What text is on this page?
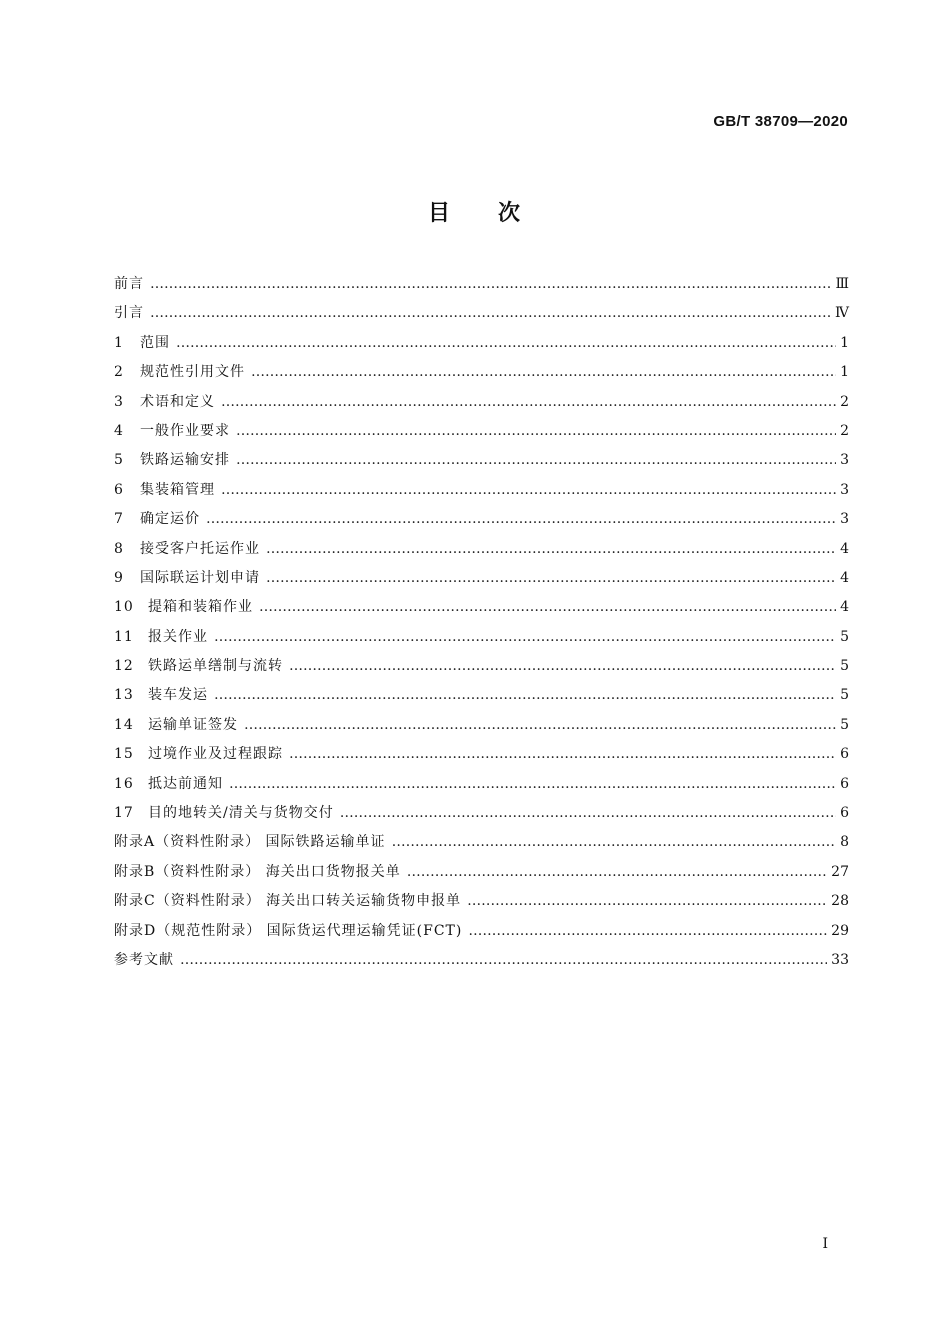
GB/T 38709—2020
目 次
前言 …………………………………………………………………………………………………………………………………………………………………………………………………………………………………………………………………………	Ⅲ
引言 …………………………………………………………………………………………………………………………………………………………………………………………………………………………………………………………………………	Ⅳ
1	范围 …………………………………………………………………………………………………………………………………………………………………………………………………………………………………………………………………………	1
2	规范性引用文件 …………………………………………………………………………………………………………………………………………………………………………………………………………………………………………………………………………	1
3	术语和定义 …………………………………………………………………………………………………………………………………………………………………………………………………………………………………………………………………………	2
4	一般作业要求 …………………………………………………………………………………………………………………………………………………………………………………………………………………………………………………………………………	2
5	铁路运输安排 …………………………………………………………………………………………………………………………………………………………………………………………………………………………………………………………………………	3
6	集装箱管理 …………………………………………………………………………………………………………………………………………………………………………………………………………………………………………………………………………	3
7	确定运价 …………………………………………………………………………………………………………………………………………………………………………………………………………………………………………………………………………	3
8	接受客户托运作业 …………………………………………………………………………………………………………………………………………………………………………………………………………………………………………………………………………	4
9	国际联运计划申请 …………………………………………………………………………………………………………………………………………………………………………………………………………………………………………………………………………	4
10	提箱和装箱作业 …………………………………………………………………………………………………………………………………………………………………………………………………………………………………………………………………………	4
11	报关作业 …………………………………………………………………………………………………………………………………………………………………………………………………………………………………………………………………………	5
12	铁路运单缮制与流转 …………………………………………………………………………………………………………………………………………………………………………………………………………………………………………………………………………	5
13	装车发运 …………………………………………………………………………………………………………………………………………………………………………………………………………………………………………………………………………	5
14	运输单证签发 …………………………………………………………………………………………………………………………………………………………………………………………………………………………………………………………………………	5
15	过境作业及过程跟踪 …………………………………………………………………………………………………………………………………………………………………………………………………………………………………………………………………………	6
16	抵达前通知 …………………………………………………………………………………………………………………………………………………………………………………………………………………………………………………………………………	6
17	目的地转关/清关与货物交付 …………………………………………………………………………………………………………………………………………………………………………………………………………………………………………………………………………	6
附录A（资料性附录） 国际铁路运输单证 …………………………………………………………………………………………………………………………………………………………………………………………………………………………………………………………………………	8
附录B（资料性附录） 海关出口货物报关单 …………………………………………………………………………………………………………………………………………………………………………………………………………………………………………………………………………	27
附录C（资料性附录） 海关出口转关运输货物申报单 …………………………………………………………………………………………………………………………………………………………………………………………………………………………………………………………………………	28
附录D（规范性附录） 国际货运代理运输凭证(FCT) …………………………………………………………………………………………………………………………………………………………………………………………………………………………………………………………………………	29
参考文献 …………………………………………………………………………………………………………………………………………………………………………………………………………………………………………………………………………	33
Ⅰ
